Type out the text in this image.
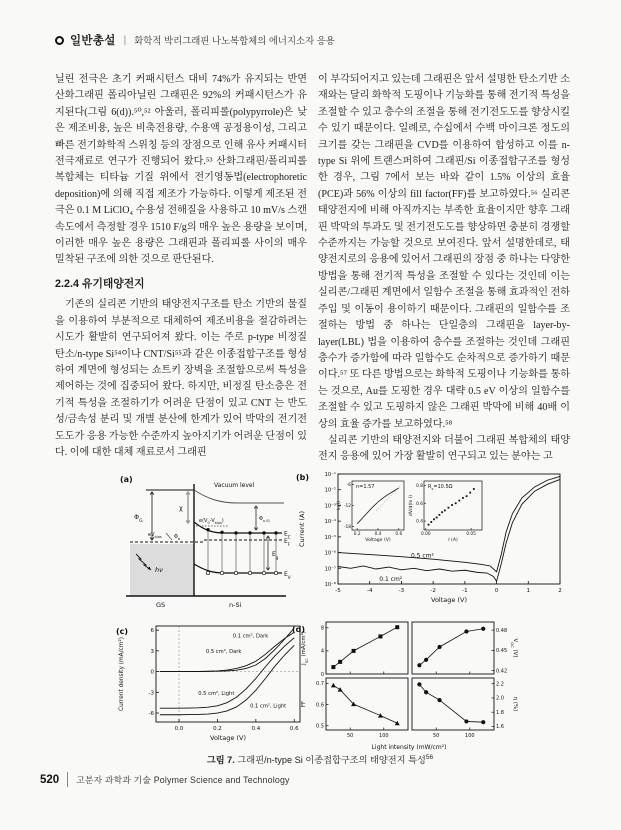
일반총설 | 화학적 박리그래핀 나노복합체의 에너지소자 응용

닐린 전극은 초기 커패시턴스 대비 74%가 유지되는 반면 산화그래핀 폴리아닐린 그래핀은 92%의 커패시턴스가 유지된다(그림 6(d)).⁵⁰,⁵² 아울러, 폴리피롤(polypyrrole)은 낮은 제조비용, 높은 비축전용량, 수용액 공정용이성, 그리고 빠른 전기화학적 스위칭 등의 장점으로 인해 유사 커패시터 전극재료로 연구가 진행되어 왔다.⁵³ 산화그래핀/폴리피롤 복합체는 티타늄 기질 위에서 전기영동법(electrophoretic deposition)에 의해 직접 제조가 가능하다. 이렇게 제조된 전극은 0.1 M LiClO₄ 수용성 전해질을 사용하고 10 mV/s 스캔속도에서 측정할 경우 1510 F/g의 매우 높은 용량을 보이며, 이러한 매우 높은 용량은 그래핀과 폴리피롤 사이의 매우 밀착된 구조에 의한 것으로 판단된다.

2.2.4 유기태양전지

기존의 실리콘 기반의 태양전지구조를 탄소 기반의 물질을 이용하여 부분적으로 대체하여 제조비용을 절감하려는 시도가 활발히 연구되어져 왔다. 이는 주로 p-type 비정질 탄소/n-type Si⁵⁴이나 CNT/Si⁵⁵과 같은 이종접합구조를 형성하여 계면에 형성되는 쇼트키 장벽을 조절함으로써 특성을 제어하는 것에 집중되어 왔다. 하지만, 비정질 탄소층은 전기적 특성을 조절하기가 어려운 단점이 있고 CNT 는 반도성/금속성 분리 및 개별 분산에 한계가 있어 박막의 전기전도도가 응용 가능한 수준까지 높아지기가 어려운 단점이 있다. 이에 대한 대체 재료로서 그래핀

이 부각되어지고 있는데 그래핀은 앞서 설명한 탄소기반 소재와는 달리 화학적 도핑이나 기능화를 통해 전기적 특성을 조절할 수 있고 층수의 조절을 통해 전기전도도를 향상시킬 수 있기 때문이다. 일례로, 수십에서 수백 마이크론 정도의 크기를 갖는 그래핀을 CVD를 이용하여 합성하고 이를 n-type Si 위에 트랜스퍼하여 그래핀/Si 이종접합구조를 형성한 경우, 그림 7에서 보는 바와 같이 1.5% 이상의 효율(PCE)과 56% 이상의 fill factor(FF)를 보고하였다.⁵⁶ 실리콘 태양전지에 비해 아직까지는 부족한 효율이지만 향후 그래핀 박막의 투과도 및 전기전도도를 향상하면 충분히 경쟁할 수준까지는 가능할 것으로 보여진다. 앞서 설명한데로, 태양전지로의 응용에 있어서 그래핀의 장점 중 하나는 다양한 방법을 통해 전기적 특성을 조절할 수 있다는 것인데 이는 실리콘/그래핀 계면에서 일함수 조절을 통해 효과적인 전하주입 및 이동이 용이하기 때문이다. 그래핀의 일함수를 조절하는 방법 중 하나는 단일층의 그래핀을 layer-by-layer(LBL) 법을 이용하여 층수를 조절하는 것인데 그래핀 층수가 증가함에 따라 일함수도 순차적으로 증가하기 때문이다.⁵⁷ 또 다른 방법으로는 화학적 도핑이나 기능화를 통하는 것으로, Au를 도핑한 경우 대략 0.5 eV 이상의 일함수를 조절할 수 있고 도핑하지 않은 그래핀 박막에 비해 40배 이상의 효율 증가를 보고하였다.⁵⁸

실리콘 기반의 태양전지와 더불어 그래핀 복합체의 태양전지 응용에 있어 가장 활발히 연구되고 있는 분야는 고

(a)
Vacuum level
$\Phi_G$
χ
$E_C$
$E_F$
$E_V$
$e(V_0-V_{bias})$
$E_g$
$\Phi_{n-Si}$
$eV_{bias}$ $\Phi_b$
hν
GS	n-Si
(b)
-5	-4	-3	-2	-1	0	1	2
10⁻⁸
10⁻⁷
10⁻⁶
10⁻⁵
10⁻⁴
10⁻³
10⁻²
10⁻¹
Voltage (V)
Current (A)
0.5 cm²
0.1 cm²
0.2	0.4	0.6
-6
-12
-18
Voltage (V)
ln(I)
n=1.57
0.00	0.05
0.4
0.6
0.8
I (A)
dV/d(ln I)
$R_s=10.5\Omega$
(c)
0.0	0.2	0.4	0.6
-6
-3
0
3
6
Voltage (V)
Current density (mA/cm²)
0.1 cm², Dark
0.5 cm², Dark
0.5 cm², Light
0.1 cm², Light
(d)
0
4
8
$J_{SC}$ (mA/cm²)
0.42
0.45
0.48
$V_{OC}$ (V)
50	100
0.5
0.6
0.7
FF
50	100
1.6
1.8
2.0
2.2
η (%)
Light intensity (mW/cm²)
그림 7. 그래핀/n-type Si 이종접합구조의 태양전지 특성$^{56}$
520 고분자 과학과 기술 Polymer Science and Technology
